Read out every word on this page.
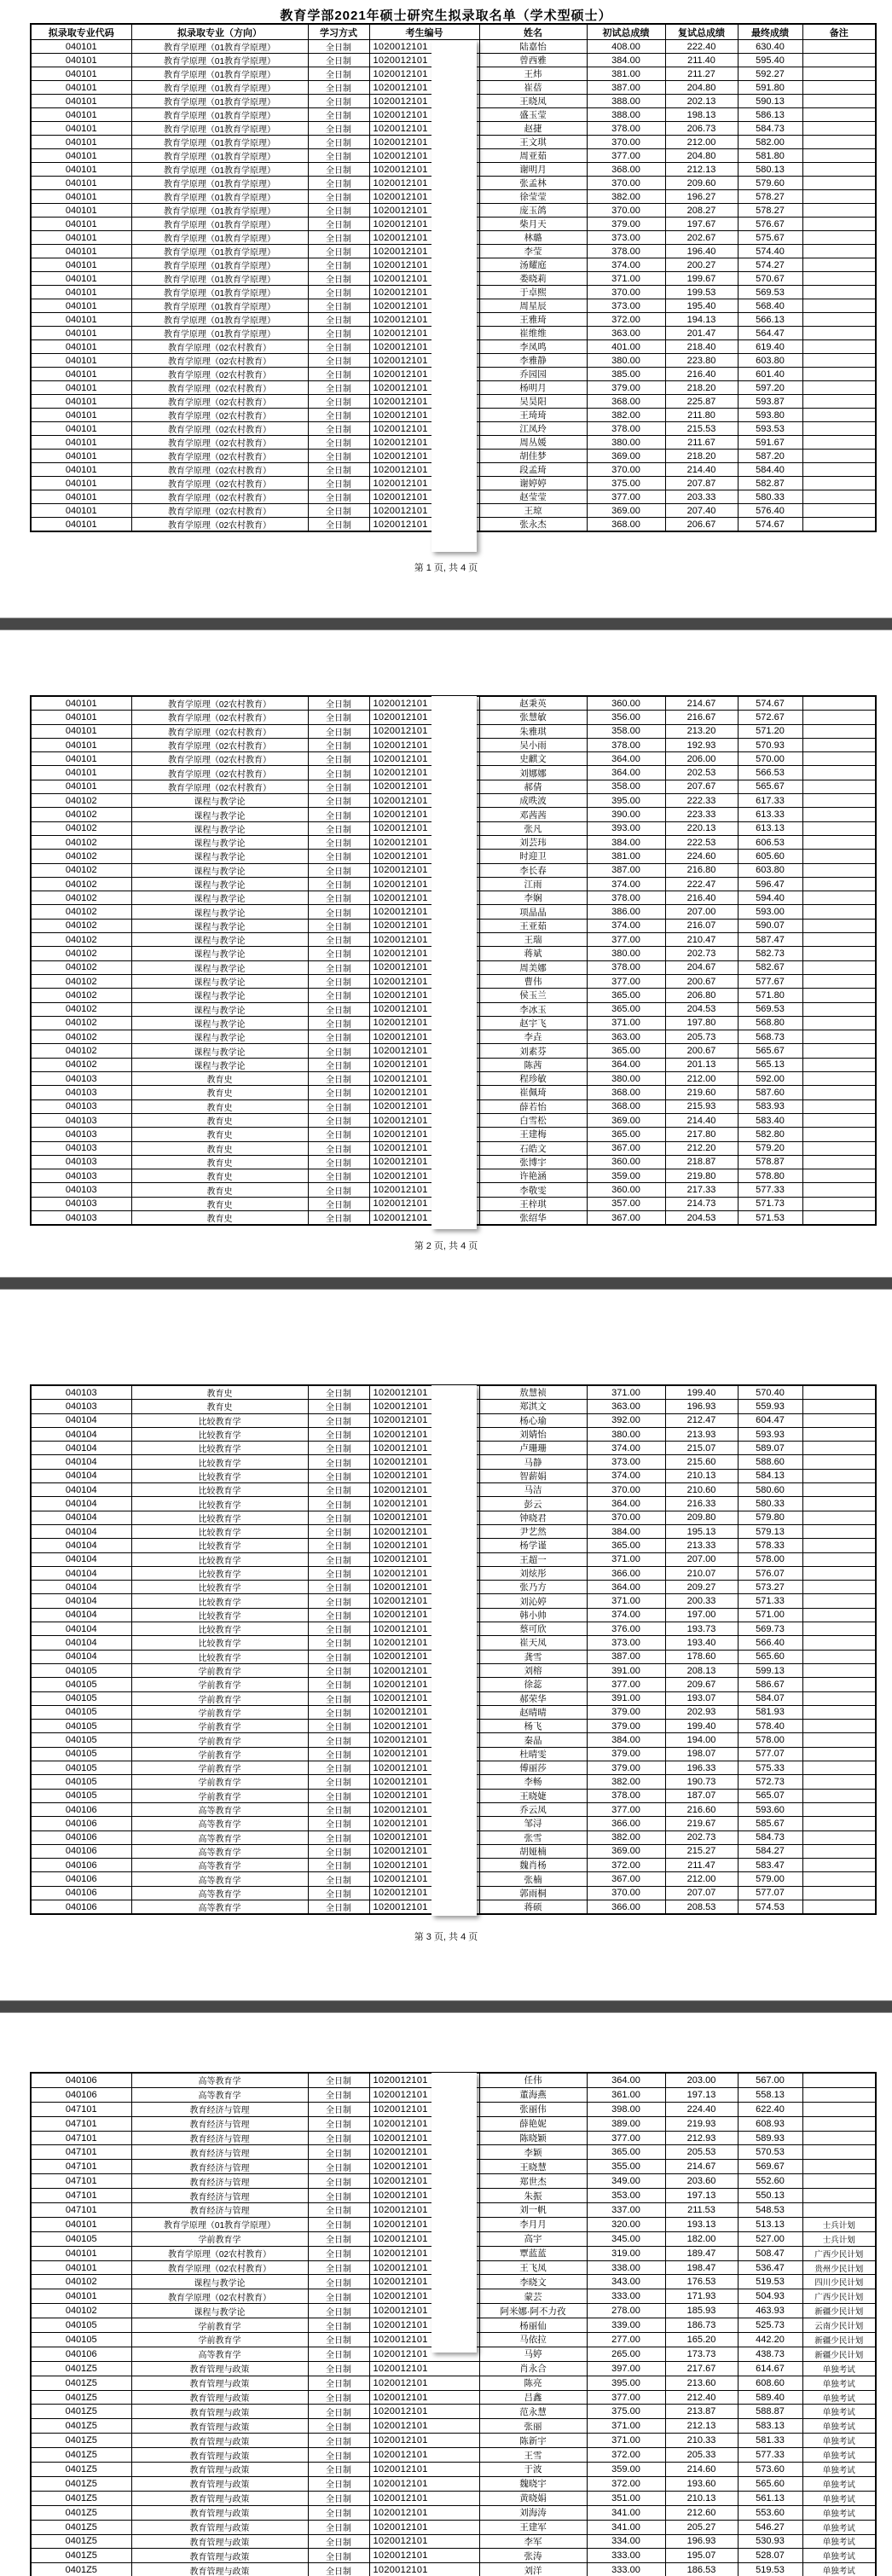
教育学部2021年硕士研究生拟录取名单（学术型硕士）
拟录取专业代码	拟录取专业（方向）	学习方式	考生编号	姓名	初试总成绩	复试总成绩	最终成绩	备注
040101	教育学原理（01教育学原理）	全日制	1020012101	陆嘉怡	408.00	222.40	630.40	
040101	教育学原理（01教育学原理）	全日制	1020012101	曾西雅	384.00	211.40	595.40	
040101	教育学原理（01教育学原理）	全日制	1020012101	王炜	381.00	211.27	592.27	
040101	教育学原理（01教育学原理）	全日制	1020012101	崔蓓	387.00	204.80	591.80	
040101	教育学原理（01教育学原理）	全日制	1020012101	王晓凤	388.00	202.13	590.13	
040101	教育学原理（01教育学原理）	全日制	1020012101	盛玉莹	388.00	198.13	586.13	
040101	教育学原理（01教育学原理）	全日制	1020012101	赵捷	378.00	206.73	584.73	
040101	教育学原理（01教育学原理）	全日制	1020012101	王文琪	370.00	212.00	582.00	
040101	教育学原理（01教育学原理）	全日制	1020012101	周亚茹	377.00	204.80	581.80	
040101	教育学原理（01教育学原理）	全日制	1020012101	谢明月	368.00	212.13	580.13	
040101	教育学原理（01教育学原理）	全日制	1020012101	张孟林	370.00	209.60	579.60	
040101	教育学原理（01教育学原理）	全日制	1020012101	徐莹莹	382.00	196.27	578.27	
040101	教育学原理（01教育学原理）	全日制	1020012101	庞玉鸽	370.00	208.27	578.27	
040101	教育学原理（01教育学原理）	全日制	1020012101	柴月天	379.00	197.67	576.67	
040101	教育学原理（01教育学原理）	全日制	1020012101	林璐	373.00	202.67	575.67	
040101	教育学原理（01教育学原理）	全日制	1020012101	李莹	378.00	196.40	574.40	
040101	教育学原理（01教育学原理）	全日制	1020012101	汤耀庭	374.00	200.27	574.27	
040101	教育学原理（01教育学原理）	全日制	1020012101	娄晓莉	371.00	199.67	570.67	
040101	教育学原理（01教育学原理）	全日制	1020012101	于卓熙	370.00	199.53	569.53	
040101	教育学原理（01教育学原理）	全日制	1020012101	周星辰	373.00	195.40	568.40	
040101	教育学原理（01教育学原理）	全日制	1020012101	王雅琦	372.00	194.13	566.13	
040101	教育学原理（01教育学原理）	全日制	1020012101	崔维维	363.00	201.47	564.47	
040101	教育学原理（02农村教育）	全日制	1020012101	李凤鸣	401.00	218.40	619.40	
040101	教育学原理（02农村教育）	全日制	1020012101	李雅静	380.00	223.80	603.80	
040101	教育学原理（02农村教育）	全日制	1020012101	乔园园	385.00	216.40	601.40	
040101	教育学原理（02农村教育）	全日制	1020012101	杨明月	379.00	218.20	597.20	
040101	教育学原理（02农村教育）	全日制	1020012101	吴昊阳	368.00	225.87	593.87	
040101	教育学原理（02农村教育）	全日制	1020012101	王琦琦	382.00	211.80	593.80	
040101	教育学原理（02农村教育）	全日制	1020012101	江凤玲	378.00	215.53	593.53	
040101	教育学原理（02农村教育）	全日制	1020012101	周丛媛	380.00	211.67	591.67	
040101	教育学原理（02农村教育）	全日制	1020012101	胡佳梦	369.00	218.20	587.20	
040101	教育学原理（02农村教育）	全日制	1020012101	段孟琦	370.00	214.40	584.40	
040101	教育学原理（02农村教育）	全日制	1020012101	谢婷婷	375.00	207.87	582.87	
040101	教育学原理（02农村教育）	全日制	1020012101	赵莹莹	377.00	203.33	580.33	
040101	教育学原理（02农村教育）	全日制	1020012101	王琼	369.00	207.40	576.40	
040101	教育学原理（02农村教育）	全日制	1020012101	张永杰	368.00	206.67	574.67	
第 1 页, 共 4 页
040101	教育学原理（02农村教育）	全日制	1020012101	赵秉英	360.00	214.67	574.67	
040101	教育学原理（02农村教育）	全日制	1020012101	张慧敏	356.00	216.67	572.67	
040101	教育学原理（02农村教育）	全日制	1020012101	朱雅琪	358.00	213.20	571.20	
040101	教育学原理（02农村教育）	全日制	1020012101	吴小雨	378.00	192.93	570.93	
040101	教育学原理（02农村教育）	全日制	1020012101	史麒文	364.00	206.00	570.00	
040101	教育学原理（02农村教育）	全日制	1020012101	刘娜娜	364.00	202.53	566.53	
040101	教育学原理（02农村教育）	全日制	1020012101	郝倩	358.00	207.67	565.67	
040102	课程与教学论	全日制	1020012101	成昳波	395.00	222.33	617.33	
040102	课程与教学论	全日制	1020012101	邓茜茜	390.00	223.33	613.33	
040102	课程与教学论	全日制	1020012101	张凡	393.00	220.13	613.13	
040102	课程与教学论	全日制	1020012101	刘芸玮	384.00	222.53	606.53	
040102	课程与教学论	全日制	1020012101	时迎卫	381.00	224.60	605.60	
040102	课程与教学论	全日制	1020012101	李长春	387.00	216.80	603.80	
040102	课程与教学论	全日制	1020012101	江雨	374.00	222.47	596.47	
040102	课程与教学论	全日制	1020012101	李娴	378.00	216.40	594.40	
040102	课程与教学论	全日制	1020012101	项晶晶	386.00	207.00	593.00	
040102	课程与教学论	全日制	1020012101	王亚茹	374.00	216.07	590.07	
040102	课程与教学论	全日制	1020012101	王瑞	377.00	210.47	587.47	
040102	课程与教学论	全日制	1020012101	蒋斌	380.00	202.73	582.73	
040102	课程与教学论	全日制	1020012101	周美娜	378.00	204.67	582.67	
040102	课程与教学论	全日制	1020012101	曹伟	377.00	200.67	577.67	
040102	课程与教学论	全日制	1020012101	侯玉兰	365.00	206.80	571.80	
040102	课程与教学论	全日制	1020012101	李冰玉	365.00	204.53	569.53	
040102	课程与教学论	全日制	1020012101	赵宇飞	371.00	197.80	568.80	
040102	课程与教学论	全日制	1020012101	李垚	363.00	205.73	568.73	
040102	课程与教学论	全日制	1020012101	刘素芬	365.00	200.67	565.67	
040102	课程与教学论	全日制	1020012101	陈茜	364.00	201.13	565.13	
040103	教育史	全日制	1020012101	程珍敏	380.00	212.00	592.00	
040103	教育史	全日制	1020012101	崔佩琦	368.00	219.60	587.60	
040103	教育史	全日制	1020012101	薛若怡	368.00	215.93	583.93	
040103	教育史	全日制	1020012101	白雪松	369.00	214.40	583.40	
040103	教育史	全日制	1020012101	王建梅	365.00	217.80	582.80	
040103	教育史	全日制	1020012101	石皓文	367.00	212.20	579.20	
040103	教育史	全日制	1020012101	张博宇	360.00	218.87	578.87	
040103	教育史	全日制	1020012101	许艳涵	359.00	219.80	578.80	
040103	教育史	全日制	1020012101	李敬雯	360.00	217.33	577.33	
040103	教育史	全日制	1020012101	王梓琪	357.00	214.73	571.73	
040103	教育史	全日制	1020012101	张绍华	367.00	204.53	571.53	
第 2 页, 共 4 页
040103	教育史	全日制	1020012101	敖慧祯	371.00	199.40	570.40	
040103	教育史	全日制	1020012101	郑淇文	363.00	196.93	559.93	
040104	比较教育学	全日制	1020012101	杨心瑜	392.00	212.47	604.47	
040104	比较教育学	全日制	1020012101	刘婧怡	380.00	213.93	593.93	
040104	比较教育学	全日制	1020012101	卢珊珊	374.00	215.07	589.07	
040104	比较教育学	全日制	1020012101	马静	373.00	215.60	588.60	
040104	比较教育学	全日制	1020012101	智薪娟	374.00	210.13	584.13	
040104	比较教育学	全日制	1020012101	马洁	370.00	210.60	580.60	
040104	比较教育学	全日制	1020012101	彭云	364.00	216.33	580.33	
040104	比较教育学	全日制	1020012101	钟晓君	370.00	209.80	579.80	
040104	比较教育学	全日制	1020012101	尹艺然	384.00	195.13	579.13	
040104	比较教育学	全日制	1020012101	杨学谨	365.00	213.33	578.33	
040104	比较教育学	全日制	1020012101	王超一	371.00	207.00	578.00	
040104	比较教育学	全日制	1020012101	刘炫彤	366.00	210.07	576.07	
040104	比较教育学	全日制	1020012101	张乃方	364.00	209.27	573.27	
040104	比较教育学	全日制	1020012101	刘沁婷	371.00	200.33	571.33	
040104	比较教育学	全日制	1020012101	韩小帅	374.00	197.00	571.00	
040104	比较教育学	全日制	1020012101	蔡可欣	376.00	193.73	569.73	
040104	比较教育学	全日制	1020012101	崔天凤	373.00	193.40	566.40	
040104	比较教育学	全日制	1020012101	龚雪	387.00	178.60	565.60	
040105	学前教育学	全日制	1020012101	刘榕	391.00	208.13	599.13	
040105	学前教育学	全日制	1020012101	徐蕊	377.00	209.67	586.67	
040105	学前教育学	全日制	1020012101	郝荣华	391.00	193.07	584.07	
040105	学前教育学	全日制	1020012101	赵晴晴	379.00	202.93	581.93	
040105	学前教育学	全日制	1020012101	杨飞	379.00	199.40	578.40	
040105	学前教育学	全日制	1020012101	秦晶	384.00	194.00	578.00	
040105	学前教育学	全日制	1020012101	杜晴雯	379.00	198.07	577.07	
040105	学前教育学	全日制	1020012101	傅丽莎	379.00	196.33	575.33	
040105	学前教育学	全日制	1020012101	李畅	382.00	190.73	572.73	
040105	学前教育学	全日制	1020012101	王晓婕	378.00	187.07	565.07	
040106	高等教育学	全日制	1020012101	乔云凤	377.00	216.60	593.60	
040106	高等教育学	全日制	1020012101	邹浔	366.00	219.67	585.67	
040106	高等教育学	全日制	1020012101	张雪	382.00	202.73	584.73	
040106	高等教育学	全日制	1020012101	胡娅楠	369.00	215.27	584.27	
040106	高等教育学	全日制	1020012101	魏肖杨	372.00	211.47	583.47	
040106	高等教育学	全日制	1020012101	张楠	367.00	212.00	579.00	
040106	高等教育学	全日制	1020012101	郭雨桐	370.00	207.07	577.07	
040106	高等教育学	全日制	1020012101	蒋硕	366.00	208.53	574.53	
第 3 页, 共 4 页
040106	高等教育学	全日制	1020012101	任伟	364.00	203.00	567.00	
040106	高等教育学	全日制	1020012101	董海燕	361.00	197.13	558.13	
047101	教育经济与管理	全日制	1020012101	张丽伟	398.00	224.40	622.40	
047101	教育经济与管理	全日制	1020012101	薛艳妮	389.00	219.93	608.93	
047101	教育经济与管理	全日制	1020012101	陈晓颖	377.00	212.93	589.93	
047101	教育经济与管理	全日制	1020012101	李颖	365.00	205.53	570.53	
047101	教育经济与管理	全日制	1020012101	王晓慧	355.00	214.67	569.67	
047101	教育经济与管理	全日制	1020012101	郑世杰	349.00	203.60	552.60	
047101	教育经济与管理	全日制	1020012101	朱振	353.00	197.13	550.13	
047101	教育经济与管理	全日制	1020012101	刘一帆	337.00	211.53	548.53	
040101	教育学原理（01教育学原理）	全日制	1020012101	李月月	320.00	193.13	513.13	士兵计划
040105	学前教育学	全日制	1020012101	高宇	345.00	182.00	527.00	士兵计划
040101	教育学原理（02农村教育）	全日制	1020012101	覃蓝蓝	319.00	189.47	508.47	广西少民计划
040101	教育学原理（02农村教育）	全日制	1020012101	王飞凤	338.00	198.47	536.47	贵州少民计划
040102	课程与教学论	全日制	1020012101	李晓文	343.00	176.53	519.53	四川少民计划
040101	教育学原理（02农村教育）	全日制	1020012101	蒙芸	333.00	171.93	504.93	广西少民计划
040102	课程与教学论	全日制	1020012101	阿米娜·阿不力孜	278.00	185.93	463.93	新疆少民计划
040105	学前教育学	全日制	1020012101	杨丽仙	339.00	186.73	525.73	云南少民计划
040105	学前教育学	全日制	1020012101	马依拉	277.00	165.20	442.20	新疆少民计划
040106	高等教育学	全日制	1020012101	马婷	265.00	173.73	438.73	新疆少民计划
0401Z5	教育管理与政策	全日制	1020012101	肖永合	397.00	217.67	614.67	单独考试
0401Z5	教育管理与政策	全日制	1020012101	陈亮	395.00	213.60	608.60	单独考试
0401Z5	教育管理与政策	全日制	1020012101	吕鑫	377.00	212.40	589.40	单独考试
0401Z5	教育管理与政策	全日制	1020012101	范永慧	375.00	213.87	588.87	单独考试
0401Z5	教育管理与政策	全日制	1020012101	张丽	371.00	212.13	583.13	单独考试
0401Z5	教育管理与政策	全日制	1020012101	陈新宇	371.00	210.33	581.33	单独考试
0401Z5	教育管理与政策	全日制	1020012101	王雪	372.00	205.33	577.33	单独考试
0401Z5	教育管理与政策	全日制	1020012101	于波	359.00	214.60	573.60	单独考试
0401Z5	教育管理与政策	全日制	1020012101	魏晓宇	372.00	193.60	565.60	单独考试
0401Z5	教育管理与政策	全日制	1020012101	黄晓娟	351.00	210.13	561.13	单独考试
0401Z5	教育管理与政策	全日制	1020012101	刘海涛	341.00	212.60	553.60	单独考试
0401Z5	教育管理与政策	全日制	1020012101	王建军	341.00	205.27	546.27	单独考试
0401Z5	教育管理与政策	全日制	1020012101	李军	334.00	196.93	530.93	单独考试
0401Z5	教育管理与政策	全日制	1020012101	张涛	333.00	195.07	528.07	单独考试
0401Z5	教育管理与政策	全日制	1020012101	刘洋	333.00	186.53	519.53	单独考试
